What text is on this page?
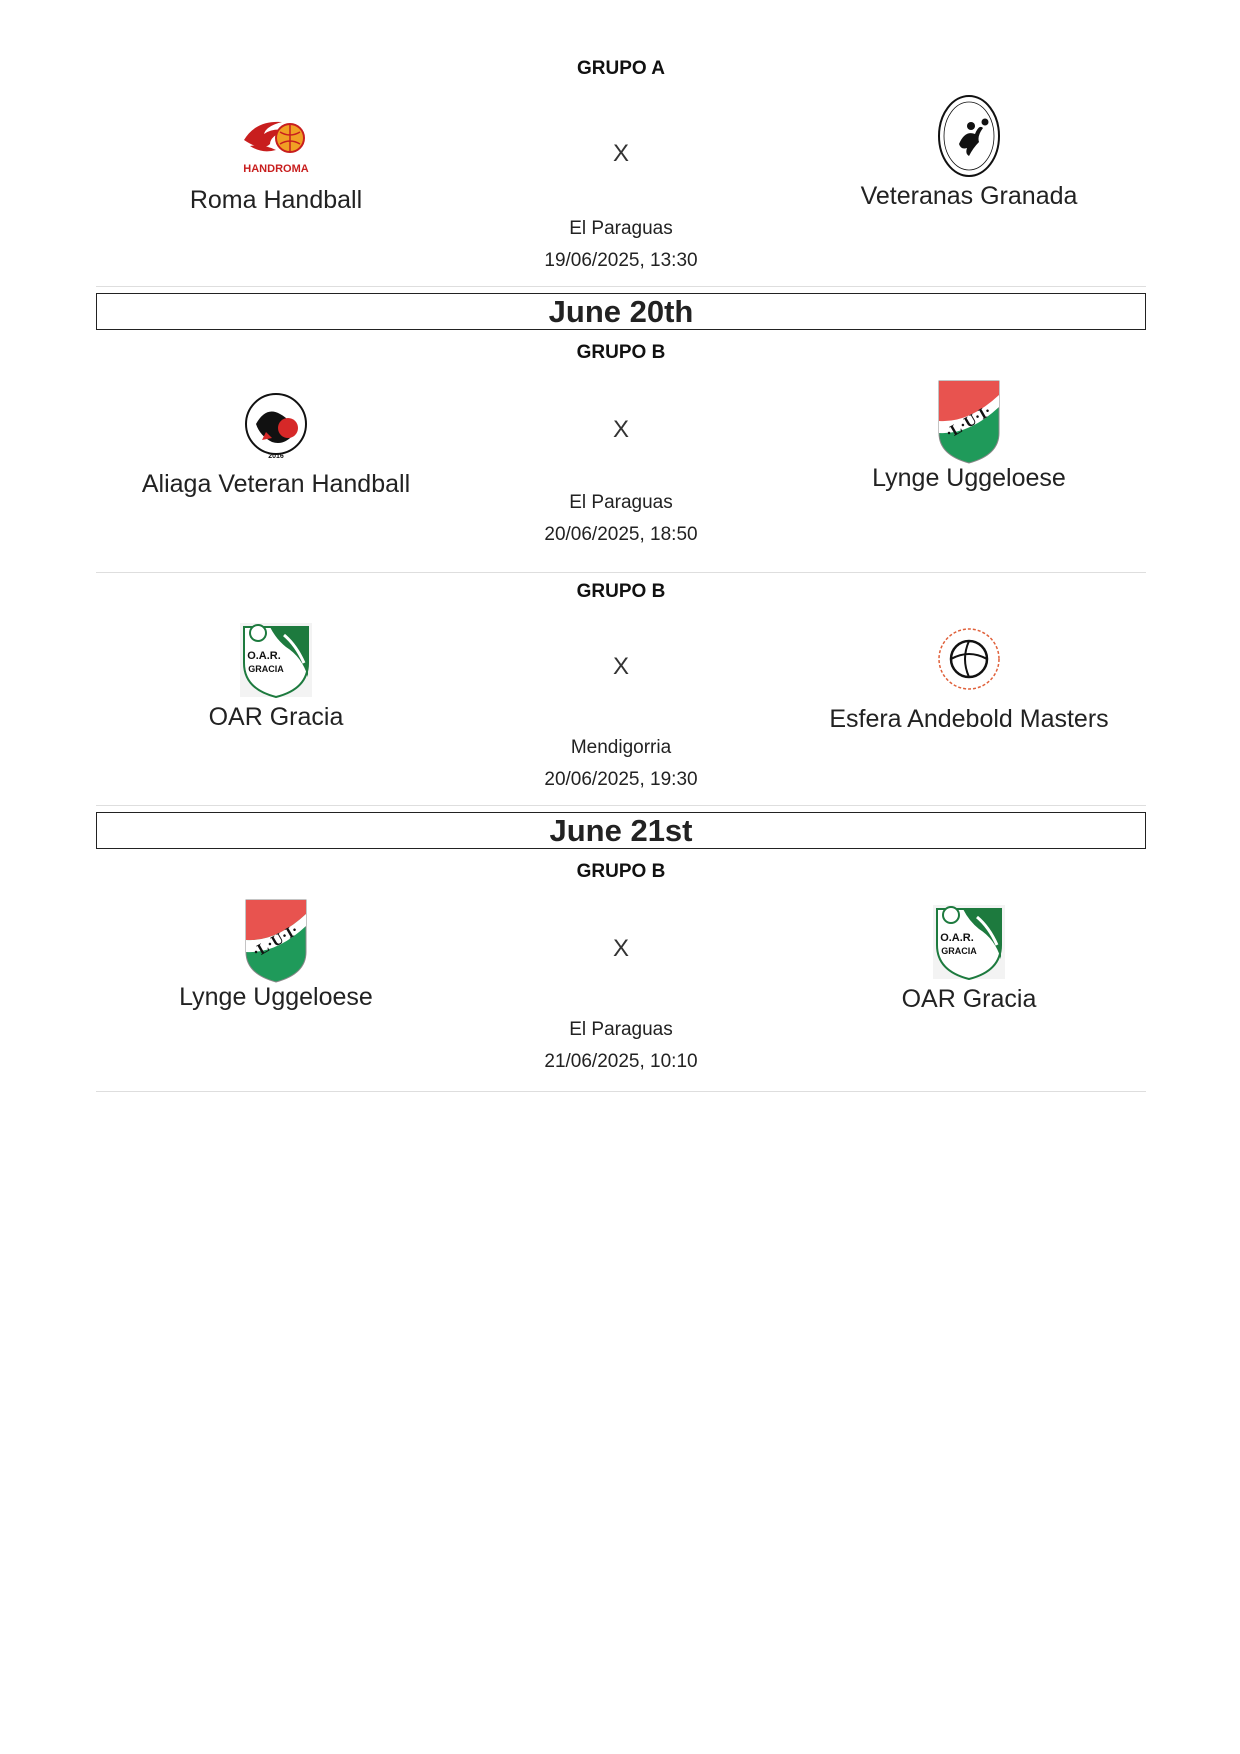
GRUPO A
HANDROMA
Roma Handball
X
Veteranas Granada
El Paraguas
19/06/2025, 13:30
June 20th
GRUPO B
2016
Aliaga Veteran Handball
X	·L·U·I·
Lynge Uggeloese
El Paraguas
20/06/2025, 18:50
GRUPO B
O.A.R.
GRACIA
OAR Gracia
X
Esfera Andebold Masters
Mendigorria
20/06/2025, 19:30
June 21st
GRUPO B
·L·U·I·
Lynge Uggeloese
X	O.A.R.
GRACIA
OAR Gracia
El Paraguas
21/06/2025, 10:10
